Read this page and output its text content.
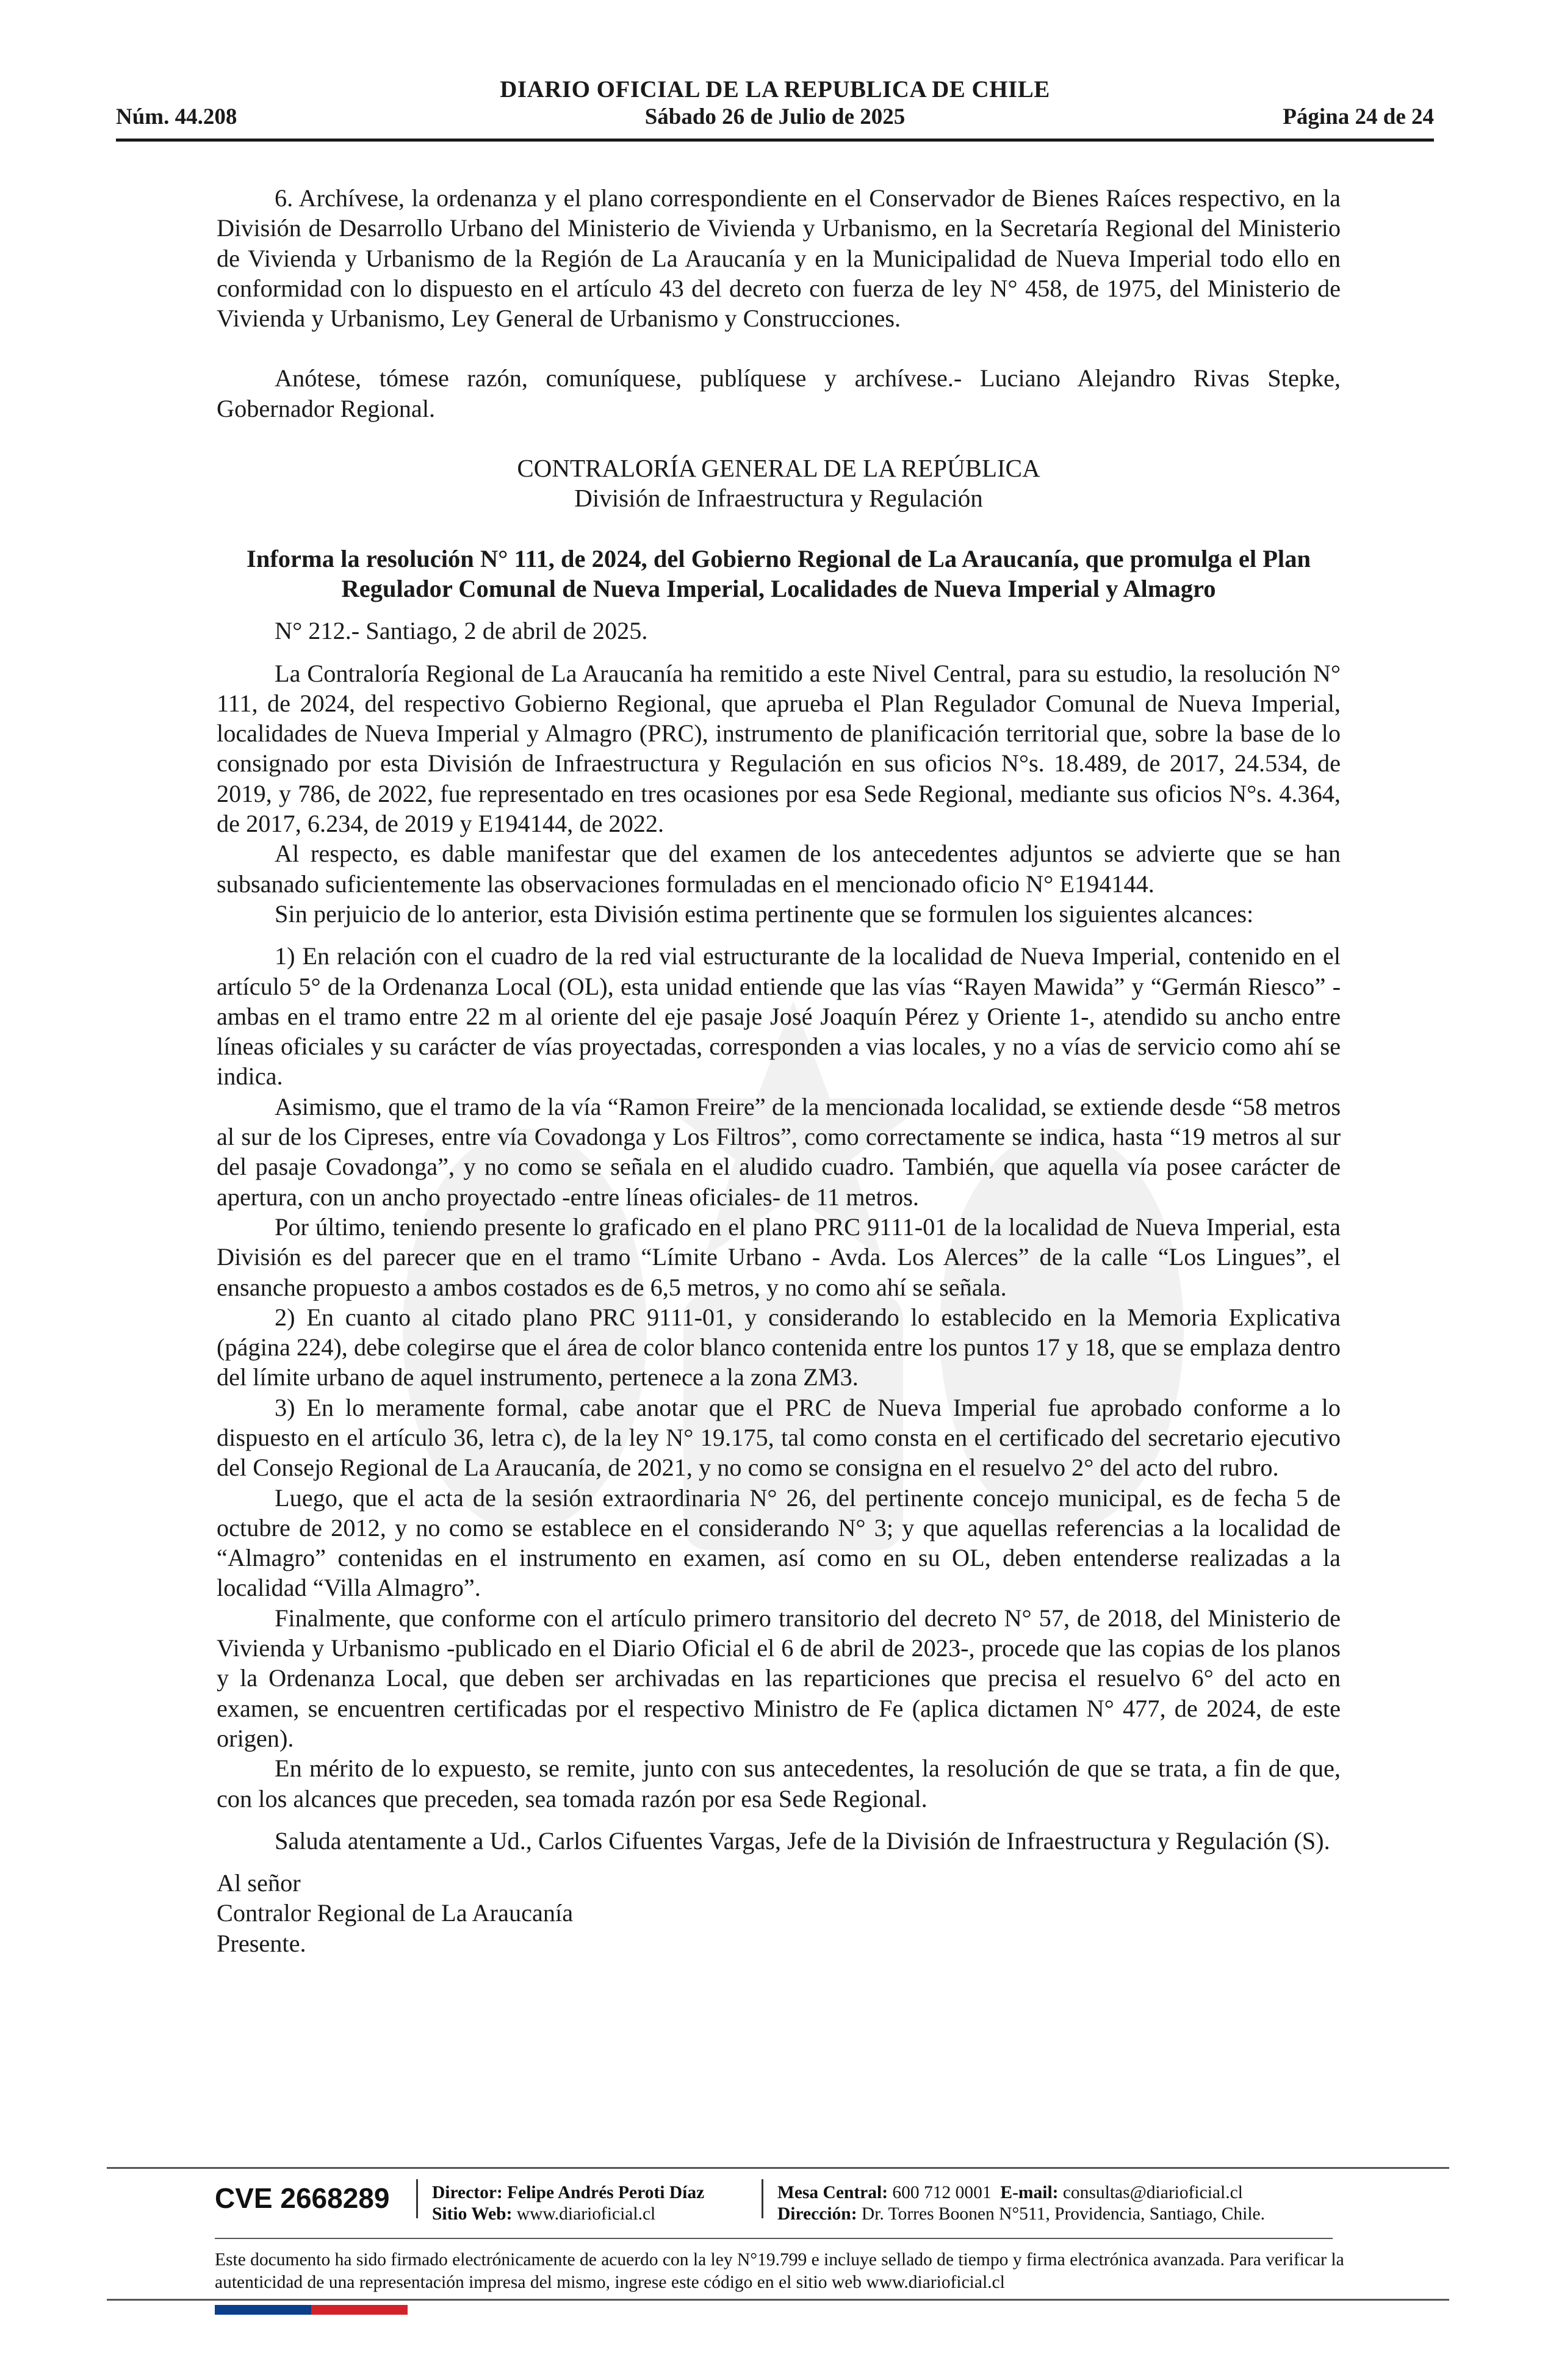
DIARIO OFICIAL DE LA REPUBLICA DE CHILE
Núm. 44.208	Sábado 26 de Julio de 2025	Página 24 de 24

6. Archívese, la ordenanza y el plano correspondiente en el Conservador de Bienes Raíces respectivo, en la División de Desarrollo Urbano del Ministerio de Vivienda y Urbanismo, en la Secretaría Regional del Ministerio de Vivienda y Urbanismo de la Región de La Araucanía y en la Municipalidad de Nueva Imperial todo ello en conformidad con lo dispuesto en el artículo 43 del decreto con fuerza de ley N° 458, de 1975, del Ministerio de Vivienda y Urbanismo, Ley General de Urbanismo y Construcciones.

Anótese, tómese razón, comuníquese, publíquese y archívese.- Luciano Alejandro Rivas Stepke, Gobernador Regional.

CONTRALORÍA GENERAL DE LA REPÚBLICA

División de Infraestructura y Regulación

Informa la resolución N° 111, de 2024, del Gobierno Regional de La Araucanía, que promulga el Plan Regulador Comunal de Nueva Imperial, Localidades de Nueva Imperial y Almagro

N° 212.- Santiago, 2 de abril de 2025.

La Contraloría Regional de La Araucanía ha remitido a este Nivel Central, para su estudio, la resolución N° 111, de 2024, del respectivo Gobierno Regional, que aprueba el Plan Regulador Comunal de Nueva Imperial, localidades de Nueva Imperial y Almagro (PRC), instrumento de planificación territorial que, sobre la base de lo consignado por esta División de Infraestructura y Regulación en sus oficios N°s. 18.489, de 2017, 24.534, de 2019, y 786, de 2022, fue representado en tres ocasiones por esa Sede Regional, mediante sus oficios N°s. 4.364, de 2017, 6.234, de 2019 y E194144, de 2022.

Al respecto, es dable manifestar que del examen de los antecedentes adjuntos se advierte que se han subsanado suficientemente las observaciones formuladas en el mencionado oficio N° E194144.

Sin perjuicio de lo anterior, esta División estima pertinente que se formulen los siguientes alcances:

1) En relación con el cuadro de la red vial estructurante de la localidad de Nueva Imperial, contenido en el artículo 5° de la Ordenanza Local (OL), esta unidad entiende que las vías “Rayen Mawida” y “Germán Riesco” -ambas en el tramo entre 22 m al oriente del eje pasaje José Joaquín Pérez y Oriente 1-, atendido su ancho entre líneas oficiales y su carácter de vías proyectadas, corresponden a vias locales, y no a vías de servicio como ahí se indica.

Asimismo, que el tramo de la vía “Ramon Freire” de la mencionada localidad, se extiende desde “58 metros al sur de los Cipreses, entre vía Covadonga y Los Filtros”, como correctamente se indica, hasta “19 metros al sur del pasaje Covadonga”, y no como se señala en el aludido cuadro. También, que aquella vía posee carácter de apertura, con un ancho proyectado -entre líneas oficiales- de 11 metros.

Por último, teniendo presente lo graficado en el plano PRC 9111-01 de la localidad de Nueva Imperial, esta División es del parecer que en el tramo “Límite Urbano - Avda. Los Alerces” de la calle “Los Lingues”, el ensanche propuesto a ambos costados es de 6,5 metros, y no como ahí se señala.

2) En cuanto al citado plano PRC 9111-01, y considerando lo establecido en la Memoria Explicativa (página 224), debe colegirse que el área de color blanco contenida entre los puntos 17 y 18, que se emplaza dentro del límite urbano de aquel instrumento, pertenece a la zona ZM3.

3) En lo meramente formal, cabe anotar que el PRC de Nueva Imperial fue aprobado conforme a lo dispuesto en el artículo 36, letra c), de la ley N° 19.175, tal como consta en el certificado del secretario ejecutivo del Consejo Regional de La Araucanía, de 2021, y no como se consigna en el resuelvo 2° del acto del rubro.

Luego, que el acta de la sesión extraordinaria N° 26, del pertinente concejo municipal, es de fecha 5 de octubre de 2012, y no como se establece en el considerando N° 3; y que aquellas referencias a la localidad de “Almagro” contenidas en el instrumento en examen, así como en su OL, deben entenderse realizadas a la localidad “Villa Almagro”.

Finalmente, que conforme con el artículo primero transitorio del decreto N° 57, de 2018, del Ministerio de Vivienda y Urbanismo -publicado en el Diario Oficial el 6 de abril de 2023-, procede que las copias de los planos y la Ordenanza Local, que deben ser archivadas en las reparticiones que precisa el resuelvo 6° del acto en examen, se encuentren certificadas por el respectivo Ministro de Fe (aplica dictamen N° 477, de 2024, de este origen).

En mérito de lo expuesto, se remite, junto con sus antecedentes, la resolución de que se trata, a fin de que, con los alcances que preceden, sea tomada razón por esa Sede Regional.

Saluda atentamente a Ud., Carlos Cifuentes Vargas, Jefe de la División de Infraestructura y Regulación (S).

Al señor

Contralor Regional de La Araucanía

Presente.

CVE 2668289 Director: Felipe Andrés Peroti Díaz
Sitio Web: www.diarioficial.cl
Mesa Central: 600 712 0001 E-mail: consultas@diarioficial.cl
Dirección: Dr. Torres Boonen N°511, Providencia, Santiago, Chile.
Este documento ha sido firmado electrónicamente de acuerdo con la ley N°19.799 e incluye sellado de tiempo y firma electrónica avanzada. Para verificar la autenticidad de una representación impresa del mismo, ingrese este código en el sitio web www.diarioficial.cl
